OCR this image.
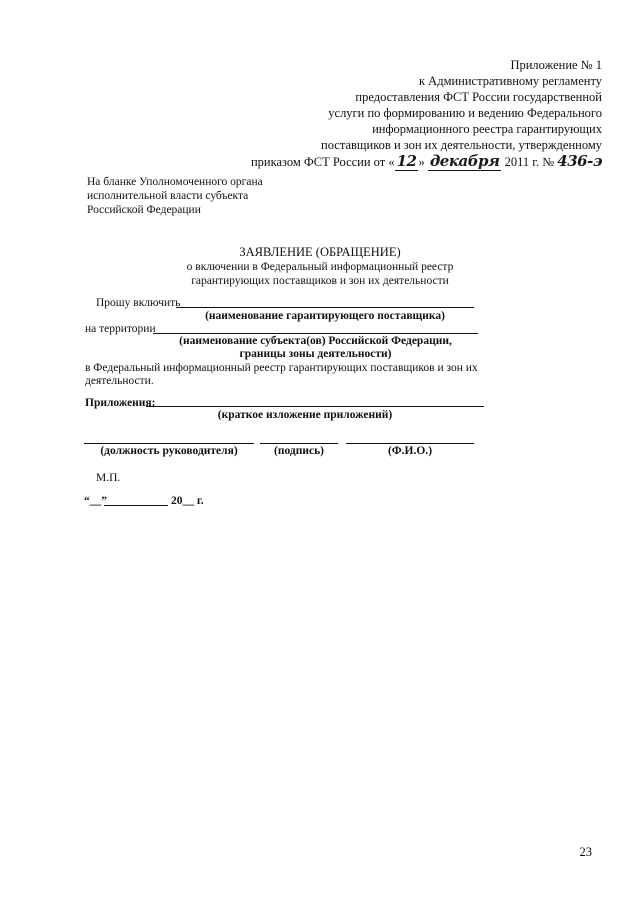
Приложение № 1
к Административному регламенту
предоставления ФСТ России государственной
услуги по формированию и ведению Федерального
информационного реестра гарантирующих
поставщиков и зон их деятельности, утвержденному
приказом ФСТ России от « 12 » декабря 2011 г. № 436-э
На бланке Уполномоченного органа
исполнительной власти субъекта
Российской Федерации
ЗАЯВЛЕНИЕ (ОБРАЩЕНИЕ)
о включении в Федеральный информационный реестр
гарантирующих поставщиков и зон их деятельности
Прошу включить
(наименование гарантирующего поставщика)
на территории
(наименование субъекта(ов) Российской Федерации,
границы зоны деятельности)
в Федеральный информационный реестр гарантирующих поставщиков и зон их
деятельности.
Приложения:
(краткое изложение приложений)
(должность руководителя)	(подпись)	(Ф.И.О.)
М.П.
“__”	20__ г.
23
